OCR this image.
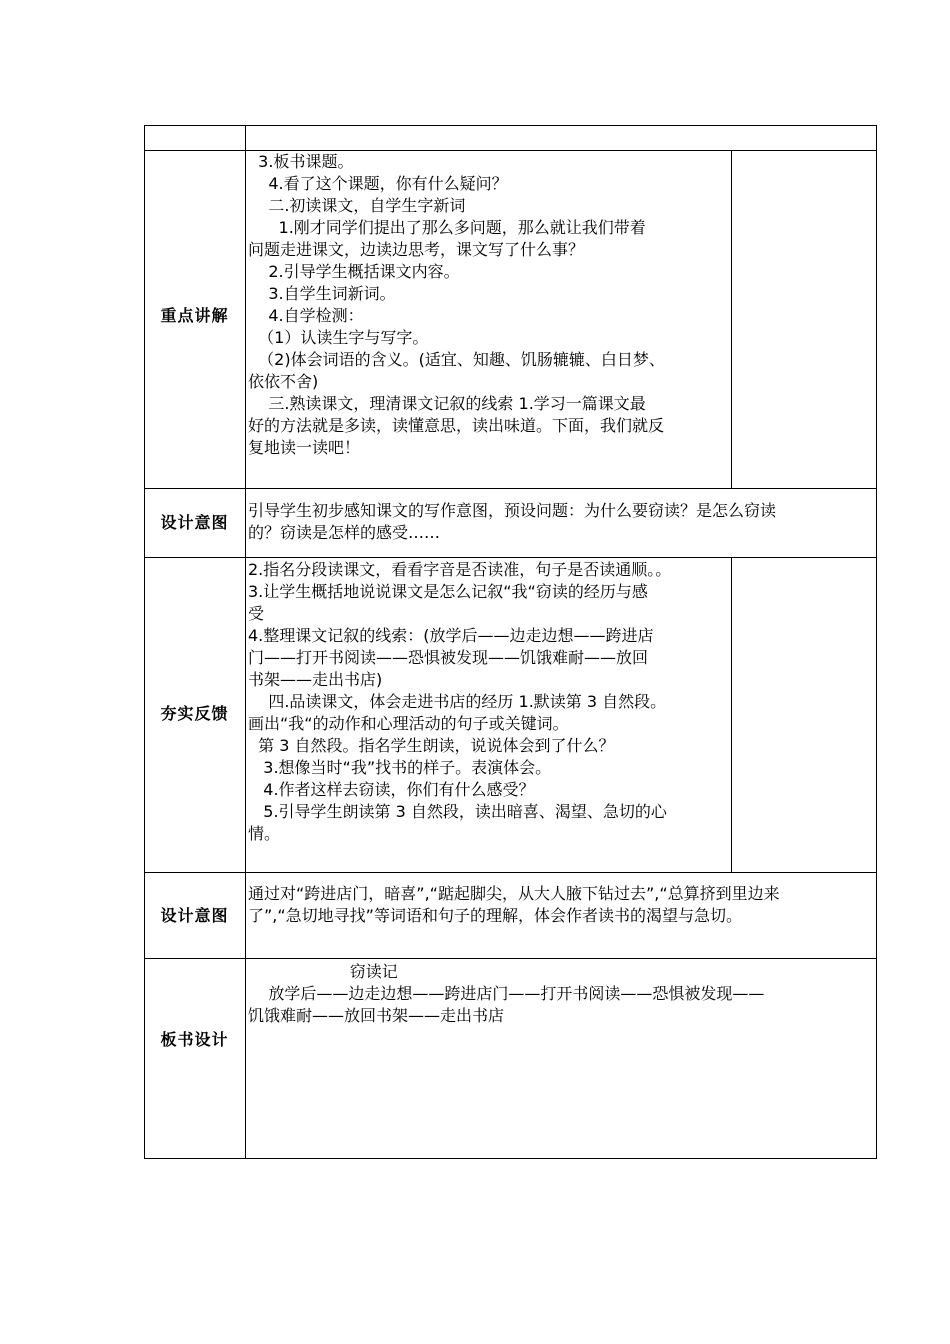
重点讲解
设计意图
夯实反馈
设计意图
板书设计

3.板书课题。

4.看了这个课题，你有什么疑问？

二.初读课文，自学生字新词

1.刚才同学们提出了那么多问题，那么就让我们带着

问题走进课文，边读边思考，课文写了什么事？

2.引导学生概括课文内容。

3.自学生词新词。

4.自学检测：

（1）认读生字与写字。

（2)体会词语的含义。(适宜、知趣、饥肠辘辘、白日梦、

依依不舍)

三.熟读课文，理清课文记叙的线索 1.学习一篇课文最

好的方法就是多读，读懂意思，读出味道。下面，我们就反

复地读一读吧！

引导学生初步感知课文的写作意图，预设问题：为什么要窃读？是怎么窃读

的？窃读是怎样的感受……

2.指名分段读课文，看看字音是否读准，句子是否读通顺。。

3.让学生概括地说说课文是怎么记叙“我“窃读的经历与感

受

4.整理课文记叙的线索：(放学后——边走边想——跨进店

门——打开书阅读——恐惧被发现——饥饿难耐——放回

书架——走出书店)

四.品读课文，体会走进书店的经历 1.默读第 3 自然段。

画出“我“的动作和心理活动的句子或关键词。

第 3 自然段。指名学生朗读，说说体会到了什么？

3.想像当时“我”找书的样子。表演体会。

4.作者这样去窃读，你们有什么感受？

5.引导学生朗读第 3 自然段，读出暗喜、渴望、急切的心

情。

通过对“跨进店门，暗喜”,“踮起脚尖，从大人腋下钻过去”,“总算挤到里边来

了”,“急切地寻找”等词语和句子的理解，体会作者读书的渴望与急切。

窃读记

放学后——边走边想——跨进店门——打开书阅读——恐惧被发现——

饥饿难耐——放回书架——走出书店
